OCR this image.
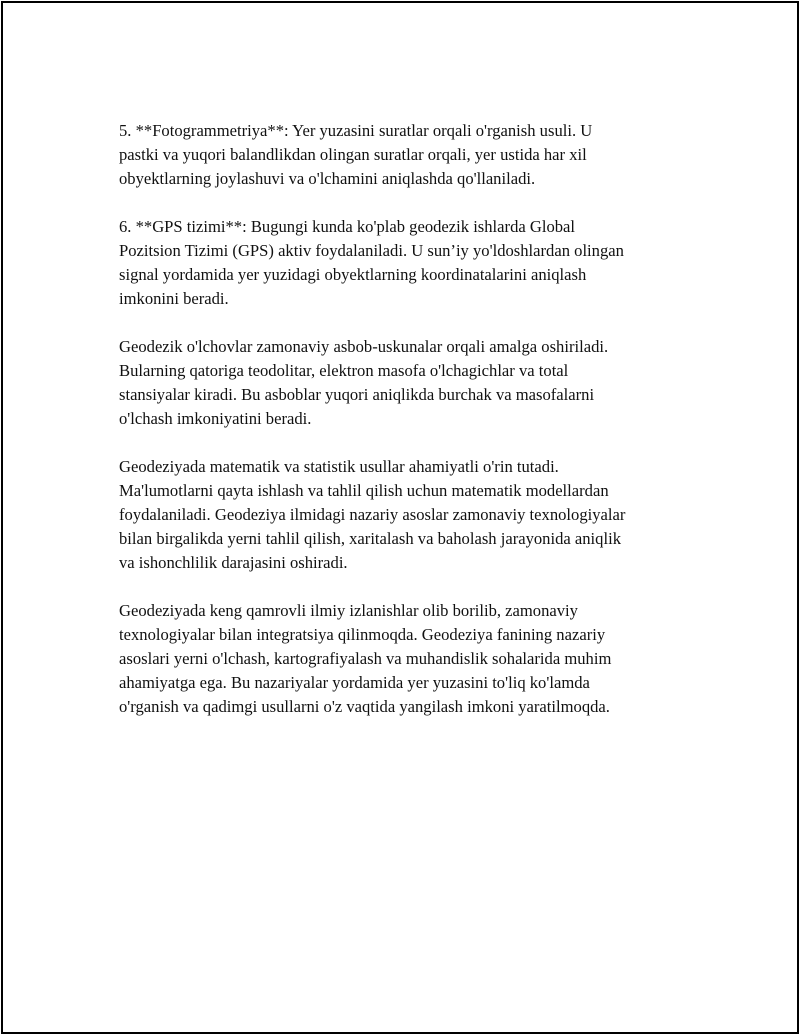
5. **Fotogrammetriya**: Yer yuzasini suratlar orqali o'rganish usuli. U
pastki va yuqori balandlikdan olingan suratlar orqali, yer ustida har xil
obyektlarning joylashuvi va o'lchamini aniqlashda qo'llaniladi.

6. **GPS tizimi**: Bugungi kunda ko'plab geodezik ishlarda Global
Pozitsion Tizimi (GPS) aktiv foydalaniladi. U sun’iy yo'ldoshlardan olingan
signal yordamida yer yuzidagi obyektlarning koordinatalarini aniqlash
imkonini beradi.

Geodezik o'lchovlar zamonaviy asbob-uskunalar orqali amalga oshiriladi.
Bularning qatoriga teodolitar, elektron masofa o'lchagichlar va total
stansiyalar kiradi. Bu asboblar yuqori aniqlikda burchak va masofalarni
o'lchash imkoniyatini beradi.

Geodeziyada matematik va statistik usullar ahamiyatli o'rin tutadi.
Ma'lumotlarni qayta ishlash va tahlil qilish uchun matematik modellardan
foydalaniladi. Geodeziya ilmidagi nazariy asoslar zamonaviy texnologiyalar
bilan birgalikda yerni tahlil qilish, xaritalash va baholash jarayonida aniqlik
va ishonchlilik darajasini oshiradi.

Geodeziyada keng qamrovli ilmiy izlanishlar olib borilib, zamonaviy
texnologiyalar bilan integratsiya qilinmoqda. Geodeziya fanining nazariy
asoslari yerni o'lchash, kartografiyalash va muhandislik sohalarida muhim
ahamiyatga ega. Bu nazariyalar yordamida yer yuzasini to'liq ko'lamda
o'rganish va qadimgi usullarni o'z vaqtida yangilash imkoni yaratilmoqda.
